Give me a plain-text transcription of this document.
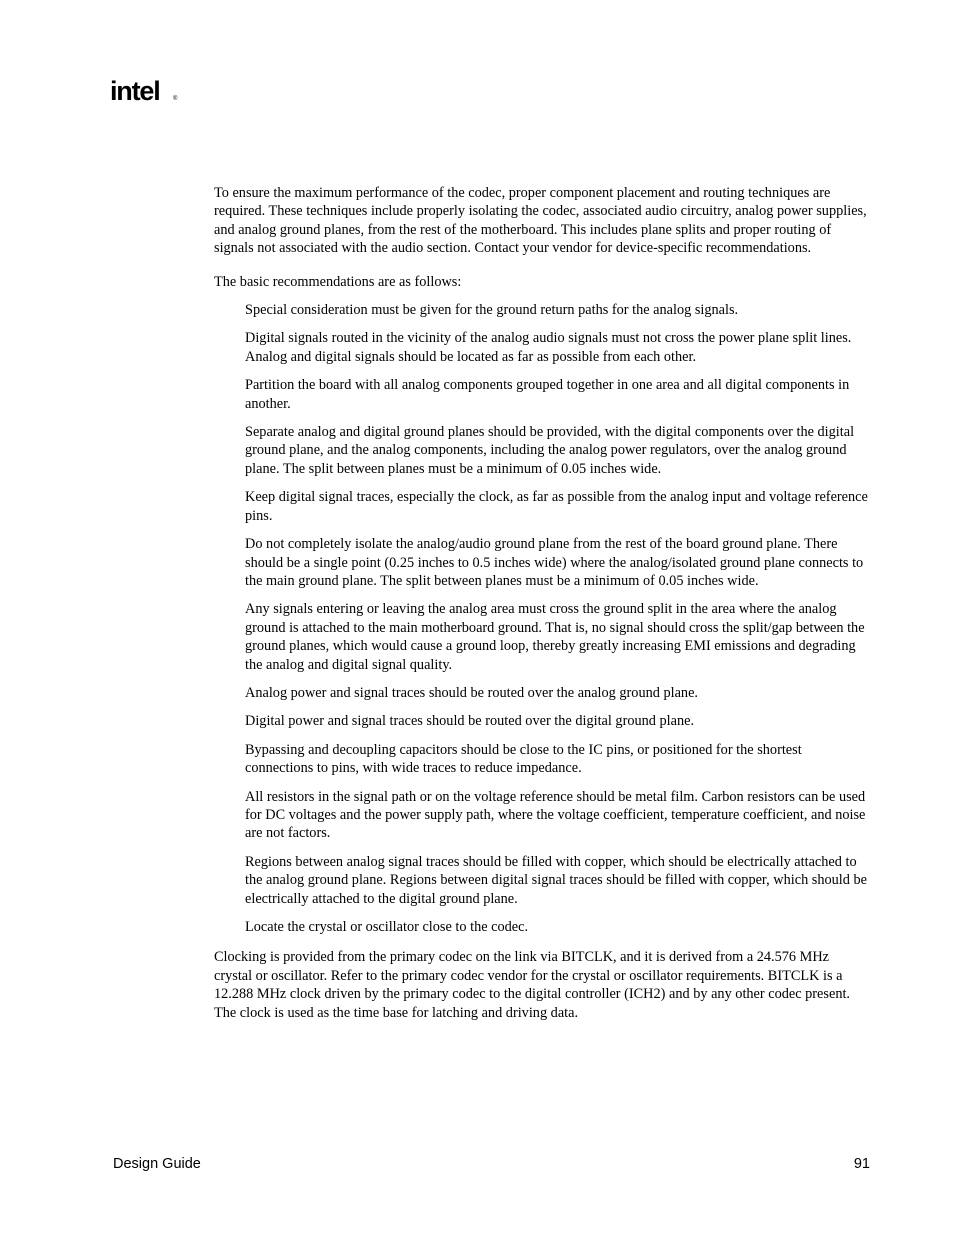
intel ®

To ensure the maximum performance of the codec, proper component placement and routing techniques are required. These techniques include properly isolating the codec, associated audio circuitry, analog power supplies, and analog ground planes, from the rest of the motherboard. This includes plane splits and proper routing of signals not associated with the audio section. Contact your vendor for device-specific recommendations.

The basic recommendations are as follows:

Special consideration must be given for the ground return paths for the analog signals.
Digital signals routed in the vicinity of the analog audio signals must not cross the power plane split lines. Analog and digital signals should be located as far as possible from each other.
Partition the board with all analog components grouped together in one area and all digital components in another.
Separate analog and digital ground planes should be provided, with the digital components over the digital ground plane, and the analog components, including the analog power regulators, over the analog ground plane. The split between planes must be a minimum of 0.05 inches wide.
Keep digital signal traces, especially the clock, as far as possible from the analog input and voltage reference pins.
Do not completely isolate the analog/audio ground plane from the rest of the board ground plane. There should be a single point (0.25 inches to 0.5 inches wide) where the analog/isolated ground plane connects to the main ground plane. The split between planes must be a minimum of 0.05 inches wide.
Any signals entering or leaving the analog area must cross the ground split in the area where the analog ground is attached to the main motherboard ground. That is, no signal should cross the split/gap between the ground planes, which would cause a ground loop, thereby greatly increasing EMI emissions and degrading the analog and digital signal quality.
Analog power and signal traces should be routed over the analog ground plane.
Digital power and signal traces should be routed over the digital ground plane.
Bypassing and decoupling capacitors should be close to the IC pins, or positioned for the shortest connections to pins, with wide traces to reduce impedance.
All resistors in the signal path or on the voltage reference should be metal film. Carbon resistors can be used for DC voltages and the power supply path, where the voltage coefficient, temperature coefficient, and noise are not factors.
Regions between analog signal traces should be filled with copper, which should be electrically attached to the analog ground plane. Regions between digital signal traces should be filled with copper, which should be electrically attached to the digital ground plane.
Locate the crystal or oscillator close to the codec.

Clocking is provided from the primary codec on the link via BITCLK, and it is derived from a 24.576 MHz crystal or oscillator. Refer to the primary codec vendor for the crystal or oscillator requirements. BITCLK is a 12.288 MHz clock driven by the primary codec to the digital controller (ICH2) and by any other codec present. The clock is used as the time base for latching and driving data.

Design Guide	91
